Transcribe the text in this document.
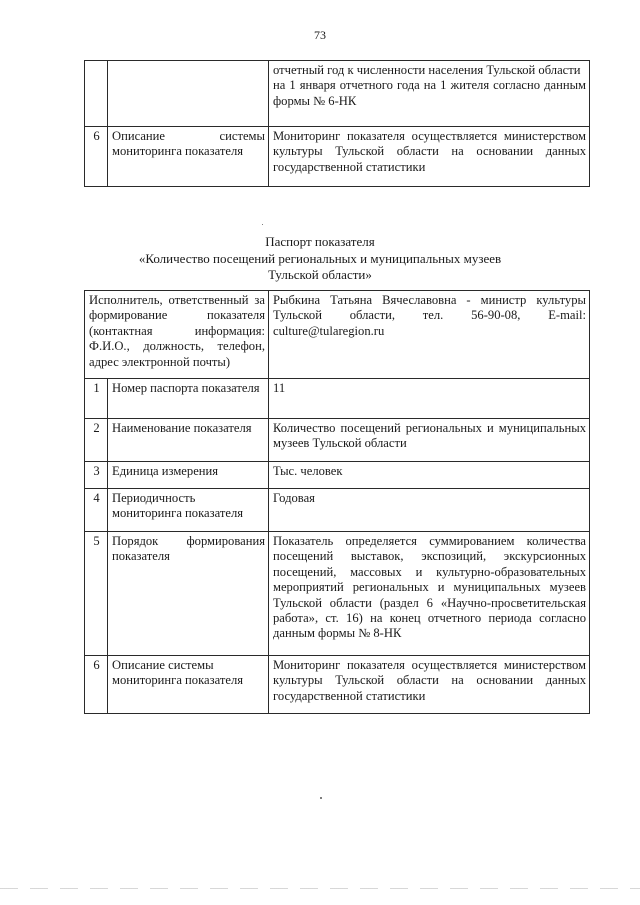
73

		отчетный год к численности населения Тульской области
на 1 января отчетного года на 1 жителя согласно данным формы № 6-НК

6	Описание системы мониторинга показателя	Мониторинг показателя осуществляется министерством культуры Тульской области на основании данных государственной статистики
Паспорт показателя
«Количество посещений региональных и муниципальных музеев
Тульской области»
Исполнитель, ответственный за формирование показателя (контактная информация: Ф.И.О., должность, телефон, адрес электронной почты)		Рыбкина Татьяна Вячеславовна - министр культуры Тульской области, тел. 56-90-08, E-mail:
culture@tularegion.ru

1	Номер паспорта показателя	11
2	Наименование показателя	Количество посещений региональных и муниципальных музеев Тульской области
3	Единица измерения	Тыс. человек
4	Периодичность мониторинга показателя	Годовая
5	Порядок формирования показателя	Показатель определяется суммированием количества посещений выставок, экспозиций, экскурсионных посещений, массовых и культурно-образовательных мероприятий региональных и муниципальных музеев Тульской области (раздел 6 «Научно-просветительская работа», ст. 16) на конец отчетного периода согласно данным формы № 8-НК
6	Описание системы мониторинга показателя	Мониторинг показателя осуществляется министерством культуры Тульской области на основании данных государственной статистики
